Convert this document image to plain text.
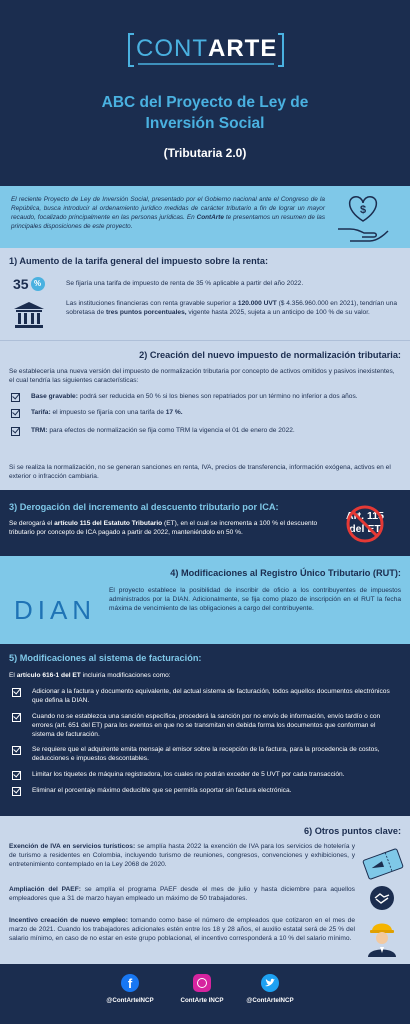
CONTARTE
ABC del Proyecto de Ley de
Inversión Social
(Tributaria 2.0)
El reciente Proyecto de Ley de Inversión Social, presentado por el Gobierno nacional ante el Congreso de la República, busca introducir al ordenamiento jurídico medidas de carácter tributario a fin de lograr un mayor recaudo, focalizado principalmente en las personas jurídicas. En ContArte te presentamos un resumen de las principales disposiciones de este proyecto.
$
1) Aumento de la tarifa general del impuesto sobre la renta:
35 %	Se fijaría una tarifa de impuesto de renta de 35 % aplicable a partir del año 2022.
Las instituciones financieras con renta gravable superior a 120.000 UVT ($ 4.356.960.000 en 2021), tendrían una sobretasa de tres puntos porcentuales, vigente hasta 2025, sujeta a un anticipo de 100 % de su valor.
2) Creación del nuevo impuesto de normalización tributaria:
Se establecería una nueva versión del impuesto de normalización tributaria por concepto de activos omitidos y pasivos inexistentes, el cual tendría las siguientes características:
Base gravable: podrá ser reducida en 50 % si los bienes son repatriados por un término no inferior a dos años.
Tarifa: el impuesto se fijaría con una tarifa de 17 %.
TRM: para efectos de normalización se fija como TRM la vigencia el 01 de enero de 2022.
Si se realiza la normalización, no se generan sanciones en renta, IVA, precios de transferencia, información exógena, activos en el exterior o infracción cambiaria.
3) Derogación del incremento al descuento tributario por ICA:
Se derogará el artículo 115 del Estatuto Tributario (ET), en el cual se incrementa a 100 % el descuento tributario por concepto de ICA pagado a partir de 2022, manteniéndolo en 50 %.
Art. 115
del ET
4) Modificaciones al Registro Único Tributario (RUT):
DIAN
El proyecto establece la posibilidad de inscribir de oficio a los contribuyentes de impuestos administrados por la DIAN. Adicionalmente, se fija como plazo de inscripción en el RUT la fecha máxima de vencimiento de las obligaciones a cargo del contribuyente.
5) Modificaciones al sistema de facturación:
El artículo 616-1 del ET incluiría modificaciones como:
Adicionar a la factura y documento equivalente, del actual sistema de facturación, todos aquellos documentos electrónicos que defina la DIAN.
Cuando no se establezca una sanción específica, procederá la sanción por no envío de información, envío tardío o con errores (art. 651 del ET) para los eventos en que no se transmitan en debida forma los documentos que conforman el sistema de facturación.
Se requiere que el adquirente emita mensaje al emisor sobre la recepción de la factura, para la procedencia de costos, deducciones e impuestos descontables.
Limitar los tiquetes de máquina registradora, los cuales no podrán exceder de 5 UVT por cada transacción.
Eliminar el porcentaje máximo deducible que se permitía soportar sin factura electrónica.
6) Otros puntos clave:
Exención de IVA en servicios turísticos: se amplía hasta 2022 la exención de IVA para los servicios de hotelería y de turismo a residentes en Colombia, incluyendo turismo de reuniones, congresos, convenciones y exhibiciones, y entretenimiento contemplado en la Ley 2068 de 2020.
Ampliación del PAEF: se amplía el programa PAEF desde el mes de julio y hasta diciembre para aquellos empleadores que a 31 de marzo hayan empleado un máximo de 50 trabajadores.
Incentivo creación de nuevo empleo: tomando como base el número de empleados que cotizaron en el mes de marzo de 2021. Cuando los trabajadores adicionales estén entre los 18 y 28 años, el auxilio estatal será de 25 % del salario mínimo, en caso de no estar en este grupo poblacional, el incentivo corresponderá a 10 % del salario mínimo.
f
@ContArteINCP	ContArte INCP	@ContArteINCP
